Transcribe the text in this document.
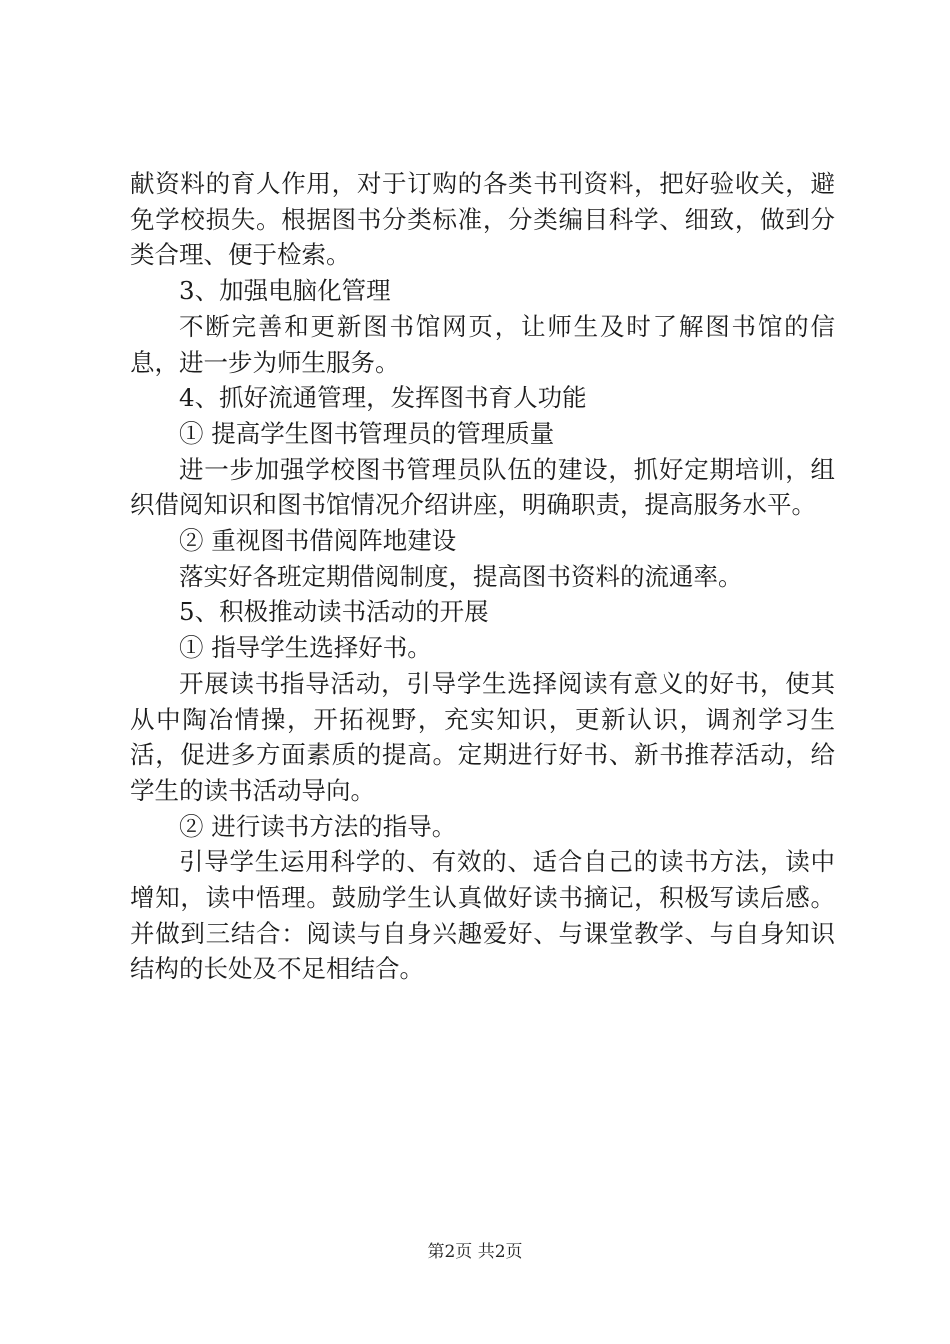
献资料的育人作用，对于订购的各类书刊资料，把好验收关，避免学校损失。根据图书分类标准，分类编目科学、细致，做到分类合理、便于检索。

3、加强电脑化管理

不断完善和更新图书馆网页，让师生及时了解图书馆的信息，进一步为师生服务。

4、抓好流通管理，发挥图书育人功能

① 提高学生图书管理员的管理质量

进一步加强学校图书管理员队伍的建设，抓好定期培训，组织借阅知识和图书馆情况介绍讲座，明确职责，提高服务水平。

② 重视图书借阅阵地建设

落实好各班定期借阅制度，提高图书资料的流通率。

5、积极推动读书活动的开展

① 指导学生选择好书。

开展读书指导活动，引导学生选择阅读有意义的好书，使其从中陶冶情操，开拓视野，充实知识，更新认识，调剂学习生活，促进多方面素质的提高。定期进行好书、新书推荐活动，给学生的读书活动导向。

② 进行读书方法的指导。

引导学生运用科学的、有效的、适合自己的读书方法，读中增知，读中悟理。鼓励学生认真做好读书摘记，积极写读后感。并做到三结合：阅读与自身兴趣爱好、与课堂教学、与自身知识结构的长处及不足相结合。

第2页 共2页
